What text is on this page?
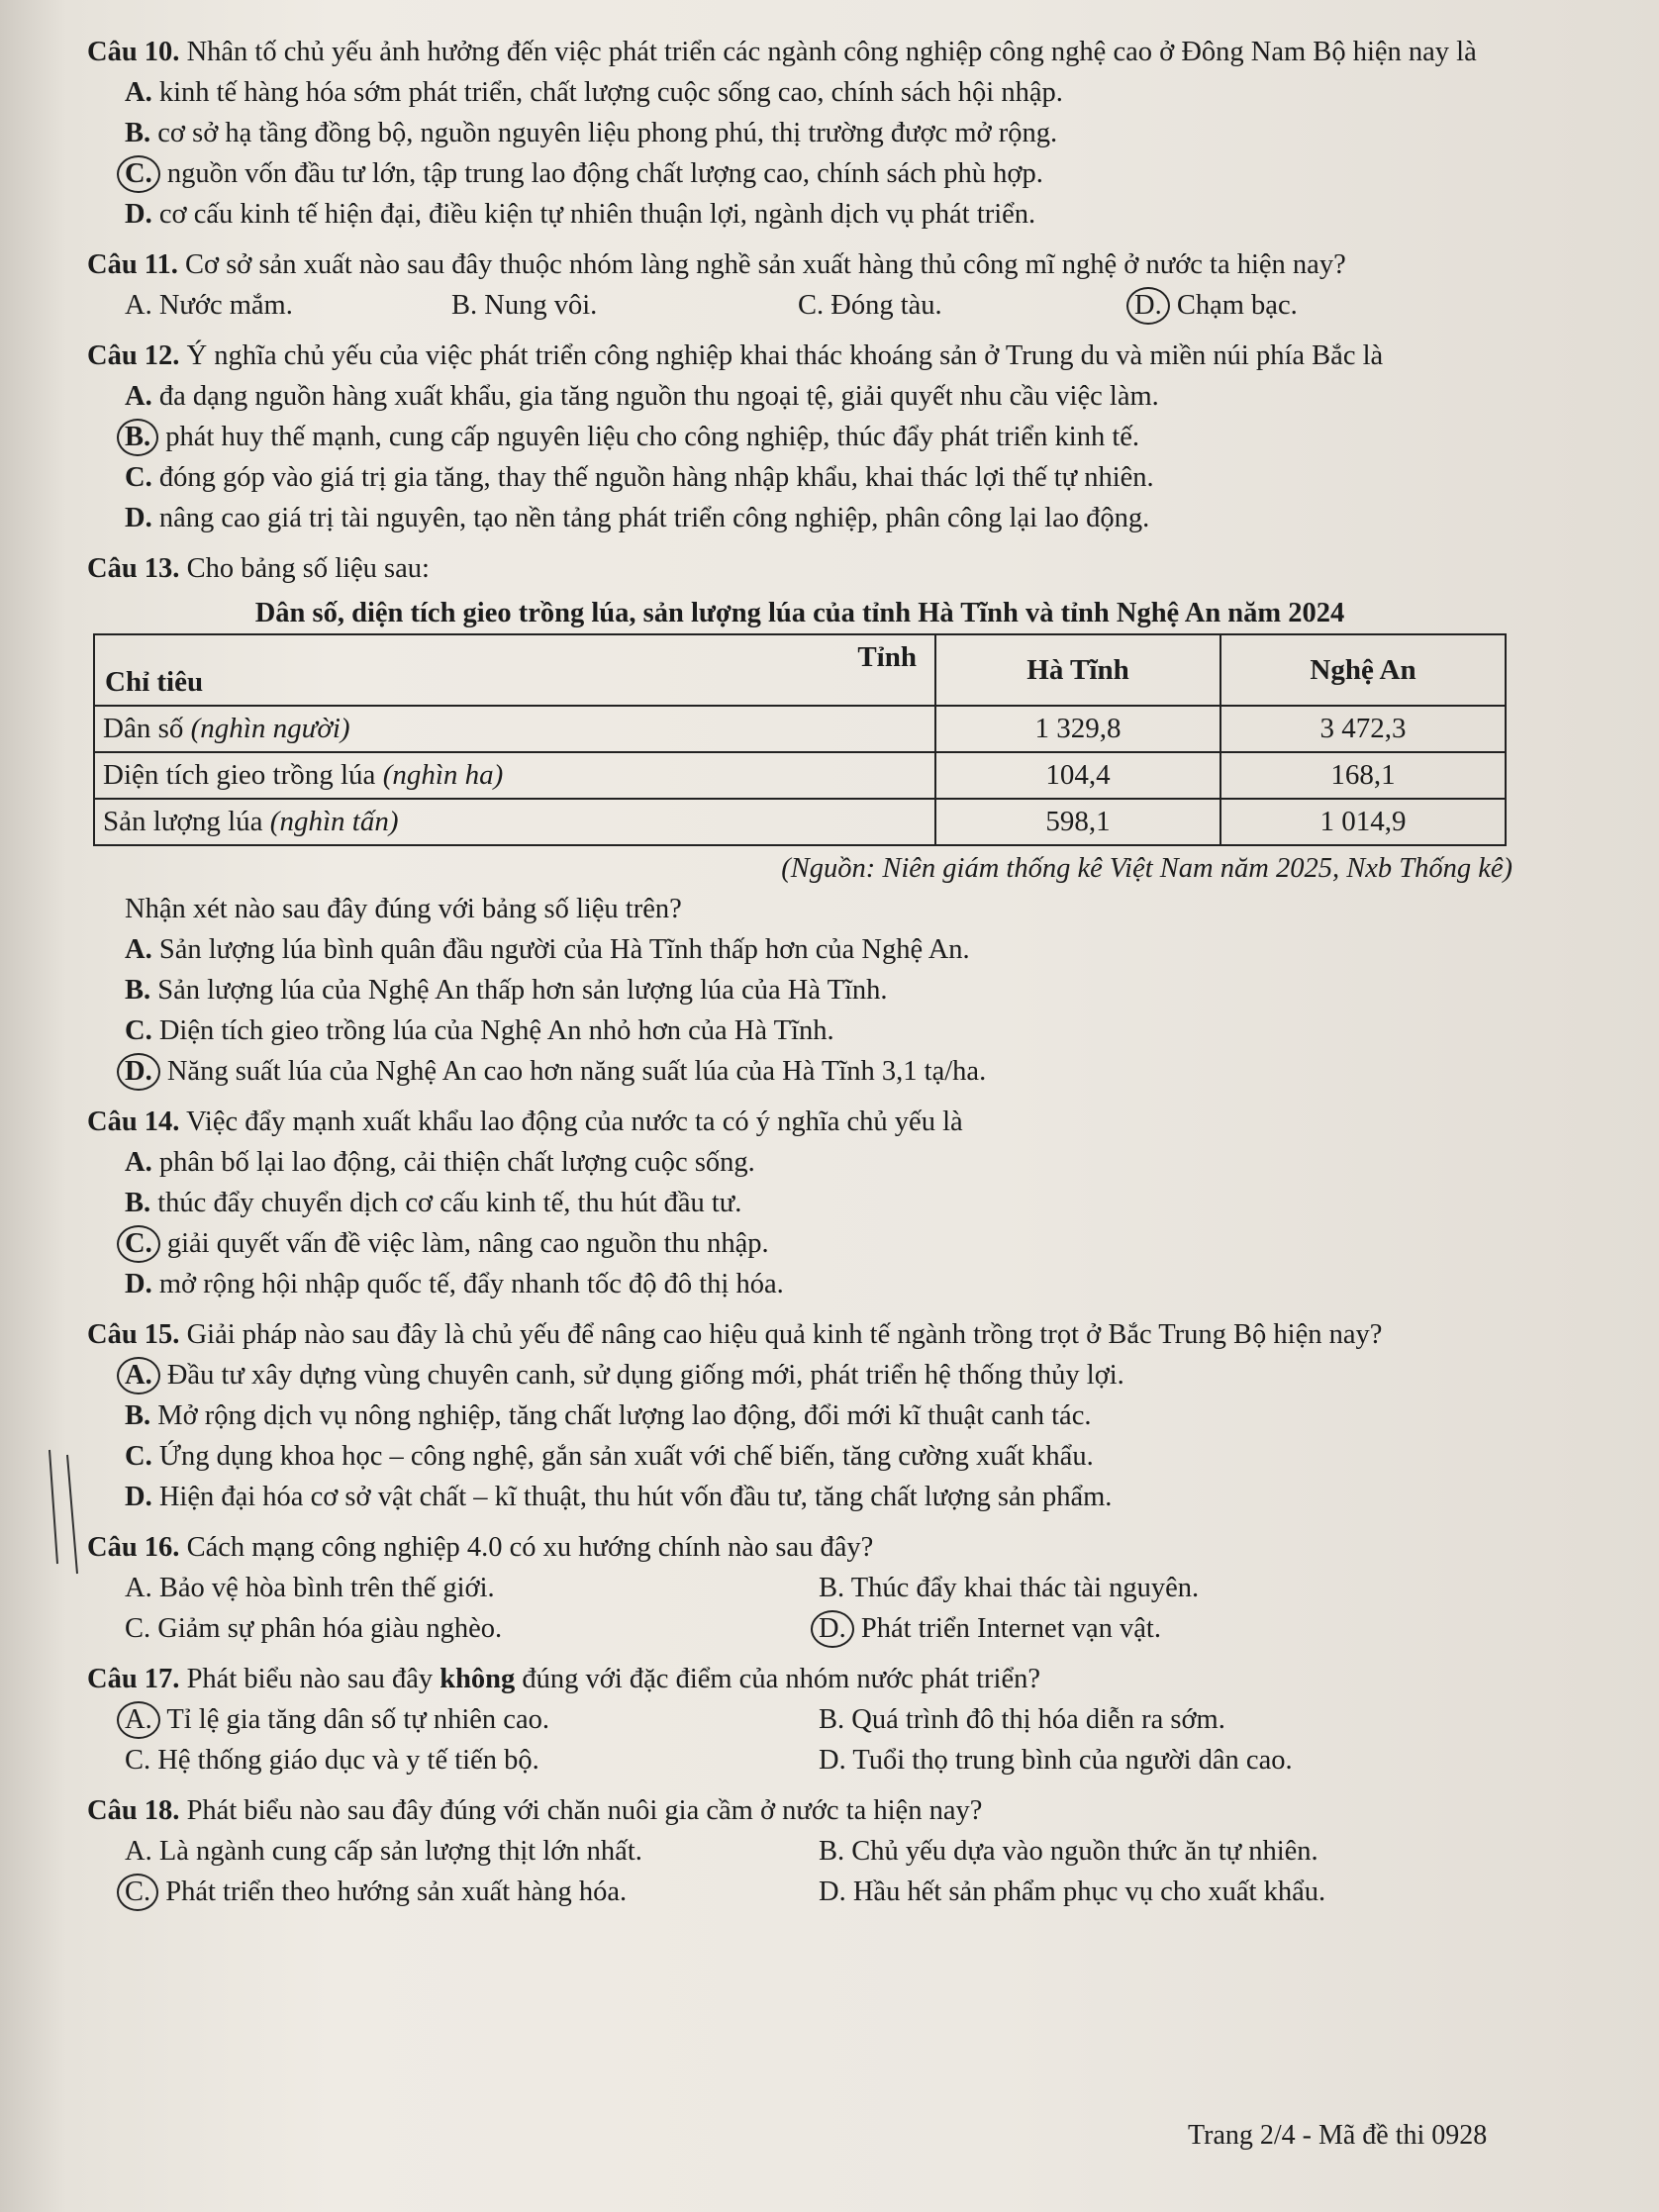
Câu 10. Nhân tố chủ yếu ảnh hưởng đến việc phát triển các ngành công nghiệp công nghệ cao ở Đông Nam Bộ hiện nay là
A. kinh tế hàng hóa sớm phát triển, chất lượng cuộc sống cao, chính sách hội nhập.
B. cơ sở hạ tầng đồng bộ, nguồn nguyên liệu phong phú, thị trường được mở rộng.
C. nguồn vốn đầu tư lớn, tập trung lao động chất lượng cao, chính sách phù hợp.
D. cơ cấu kinh tế hiện đại, điều kiện tự nhiên thuận lợi, ngành dịch vụ phát triển.
Câu 11. Cơ sở sản xuất nào sau đây thuộc nhóm làng nghề sản xuất hàng thủ công mĩ nghệ ở nước ta hiện nay?
A. Nước mắm.	B. Nung vôi.	C. Đóng tàu.	D. Chạm bạc.
Câu 12. Ý nghĩa chủ yếu của việc phát triển công nghiệp khai thác khoáng sản ở Trung du và miền núi phía Bắc là
A. đa dạng nguồn hàng xuất khẩu, gia tăng nguồn thu ngoại tệ, giải quyết nhu cầu việc làm.
B. phát huy thế mạnh, cung cấp nguyên liệu cho công nghiệp, thúc đẩy phát triển kinh tế.
C. đóng góp vào giá trị gia tăng, thay thế nguồn hàng nhập khẩu, khai thác lợi thế tự nhiên.
D. nâng cao giá trị tài nguyên, tạo nền tảng phát triển công nghiệp, phân công lại lao động.
Câu 13. Cho bảng số liệu sau:
Dân số, diện tích gieo trồng lúa, sản lượng lúa của tỉnh Hà Tĩnh và tỉnh Nghệ An năm 2024
Tỉnh
Chỉ tiêu	Hà Tĩnh	Nghệ An
Dân số (nghìn người)	1 329,8	3 472,3
Diện tích gieo trồng lúa (nghìn ha)	104,4	168,1
Sản lượng lúa (nghìn tấn)	598,1	1 014,9
(Nguồn: Niên giám thống kê Việt Nam năm 2025, Nxb Thống kê)
Nhận xét nào sau đây đúng với bảng số liệu trên?
A. Sản lượng lúa bình quân đầu người của Hà Tĩnh thấp hơn của Nghệ An.
B. Sản lượng lúa của Nghệ An thấp hơn sản lượng lúa của Hà Tĩnh.
C. Diện tích gieo trồng lúa của Nghệ An nhỏ hơn của Hà Tĩnh.
D. Năng suất lúa của Nghệ An cao hơn năng suất lúa của Hà Tĩnh 3,1 tạ/ha.
Câu 14. Việc đẩy mạnh xuất khẩu lao động của nước ta có ý nghĩa chủ yếu là
A. phân bố lại lao động, cải thiện chất lượng cuộc sống.
B. thúc đẩy chuyển dịch cơ cấu kinh tế, thu hút đầu tư.
C. giải quyết vấn đề việc làm, nâng cao nguồn thu nhập.
D. mở rộng hội nhập quốc tế, đẩy nhanh tốc độ đô thị hóa.
Câu 15. Giải pháp nào sau đây là chủ yếu để nâng cao hiệu quả kinh tế ngành trồng trọt ở Bắc Trung Bộ hiện nay?
A. Đầu tư xây dựng vùng chuyên canh, sử dụng giống mới, phát triển hệ thống thủy lợi.
B. Mở rộng dịch vụ nông nghiệp, tăng chất lượng lao động, đổi mới kĩ thuật canh tác.
C. Ứng dụng khoa học – công nghệ, gắn sản xuất với chế biến, tăng cường xuất khẩu.
D. Hiện đại hóa cơ sở vật chất – kĩ thuật, thu hút vốn đầu tư, tăng chất lượng sản phẩm.
Câu 16. Cách mạng công nghiệp 4.0 có xu hướng chính nào sau đây?
A. Bảo vệ hòa bình trên thế giới.	B. Thúc đẩy khai thác tài nguyên.
C. Giảm sự phân hóa giàu nghèo.	D. Phát triển Internet vạn vật.
Câu 17. Phát biểu nào sau đây không đúng với đặc điểm của nhóm nước phát triển?
A. Tỉ lệ gia tăng dân số tự nhiên cao.	B. Quá trình đô thị hóa diễn ra sớm.
C. Hệ thống giáo dục và y tế tiến bộ.	D. Tuổi thọ trung bình của người dân cao.
Câu 18. Phát biểu nào sau đây đúng với chăn nuôi gia cầm ở nước ta hiện nay?
A. Là ngành cung cấp sản lượng thịt lớn nhất.	B. Chủ yếu dựa vào nguồn thức ăn tự nhiên.
C. Phát triển theo hướng sản xuất hàng hóa.	D. Hầu hết sản phẩm phục vụ cho xuất khẩu.
Trang 2/4 - Mã đề thi 0928
